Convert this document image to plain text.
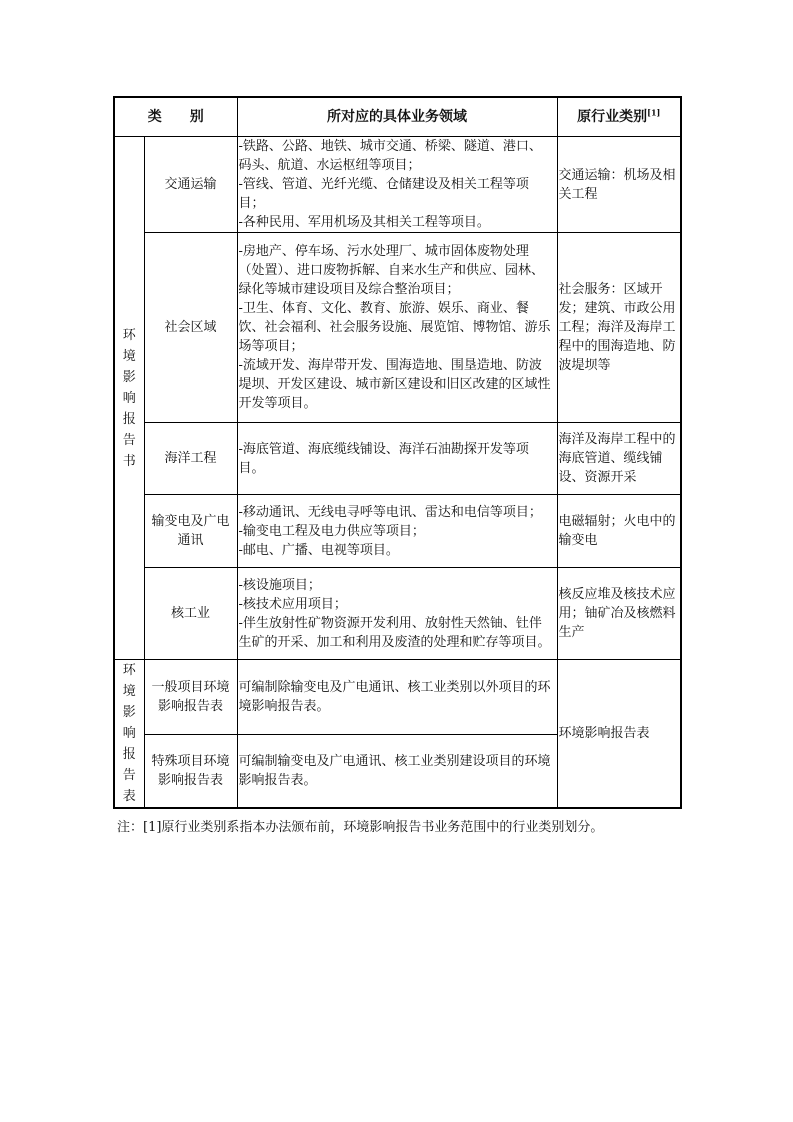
类　　别		所对应的具体业务领域	原行业类别[1]

环境影响报告书	交通运输	-铁路、公路、地铁、城市交通、桥梁、隧道、港口、码头、航道、水运枢纽等项目；
-管线、管道、光纤光缆、仓储建设及相关工程等项目；
-各种民用、军用机场及其相关工程等项目。	交通运输：机场及相关工程
	社会区域	-房地产、停车场、污水处理厂、城市固体废物处理（处置）、进口废物拆解、自来水生产和供应、园林、绿化等城市建设项目及综合整治项目；
-卫生、体育、文化、教育、旅游、娱乐、商业、餐饮、社会福利、社会服务设施、展览馆、博物馆、游乐场等项目；
-流域开发、海岸带开发、围海造地、围垦造地、防波堤坝、开发区建设、城市新区建设和旧区改建的区域性开发等项目。	社会服务：区域开发；建筑、市政公用工程；海洋及海岸工程中的围海造地、防波堤坝等
	海洋工程	-海底管道、海底缆线铺设、海洋石油勘探开发等项目。	海洋及海岸工程中的海底管道、缆线铺设、资源开采
	输变电及广电通讯	-移动通讯、无线电寻呼等电讯、雷达和电信等项目；
-输变电工程及电力供应等项目；
-邮电、广播、电视等项目。	电磁辐射；火电中的输变电
	核工业	-核设施项目；
-核技术应用项目；
-伴生放射性矿物资源开发利用、放射性天然铀、钍伴生矿的开采、加工和利用及废渣的处理和贮存等项目。	核反应堆及核技术应用；铀矿冶及核燃料生产

环境影响报告表	一般项目环境影响报告表	可编制除输变电及广电通讯、核工业类别以外项目的环境影响报告表。	环境影响报告表
	特殊项目环境影响报告表	可编制输变电及广电通讯、核工业类别建设项目的环境影响报告表。	
注：[1]原行业类别系指本办法颁布前，环境影响报告书业务范围中的行业类别划分。
